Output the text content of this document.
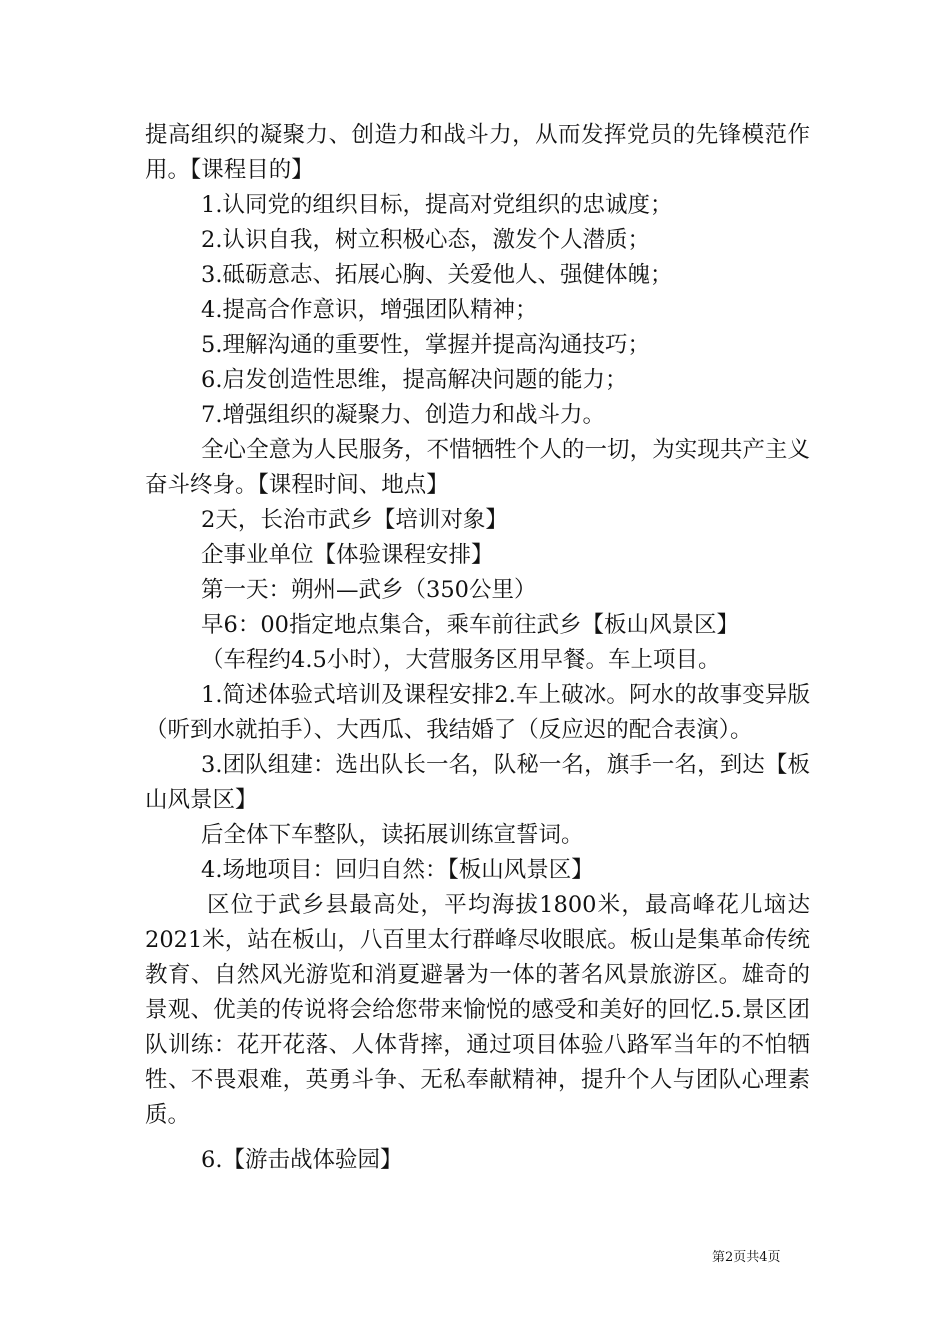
提高组织的凝聚力、创造力和战斗力，从而发挥党员的先锋模范作用。【课程目的】

1.认同党的组织目标，提高对党组织的忠诚度；

2.认识自我，树立积极心态，激发个人潜质；

3.砥砺意志、拓展心胸、关爱他人、强健体魄；

4.提高合作意识，增强团队精神；

5.理解沟通的重要性，掌握并提高沟通技巧；

6.启发创造性思维，提高解决问题的能力；

7.增强组织的凝聚力、创造力和战斗力。

全心全意为人民服务，不惜牺牲个人的一切，为实现共产主义奋斗终身。【课程时间、地点】

2天，长治市武乡【培训对象】

企事业单位【体验课程安排】

第一天：朔州—武乡（350公里）

早6：00指定地点集合，乘车前往武乡【板山风景区】

（车程约4.5小时），大营服务区用早餐。车上项目。

1.简述体验式培训及课程安排2.车上破冰。阿水的故事变异版（听到水就拍手）、大西瓜、我结婚了（反应迟的配合表演）。

3.团队组建：选出队长一名，队秘一名，旗手一名，到达【板山风景区】

后全体下车整队，读拓展训练宣誓词。

4.场地项目：回归自然：【板山风景区】

区位于武乡县最高处，平均海拔1800米，最高峰花儿垴达2021米，站在板山，八百里太行群峰尽收眼底。板山是集革命传统教育、自然风光游览和消夏避暑为一体的著名风景旅游区。雄奇的景观、优美的传说将会给您带来愉悦的感受和美好的回忆.5.景区团队训练：花开花落、人体背摔，通过项目体验八路军当年的不怕牺牲、不畏艰难，英勇斗争、无私奉献精神，提升个人与团队心理素质。

6.【游击战体验园】

第2页共4页
